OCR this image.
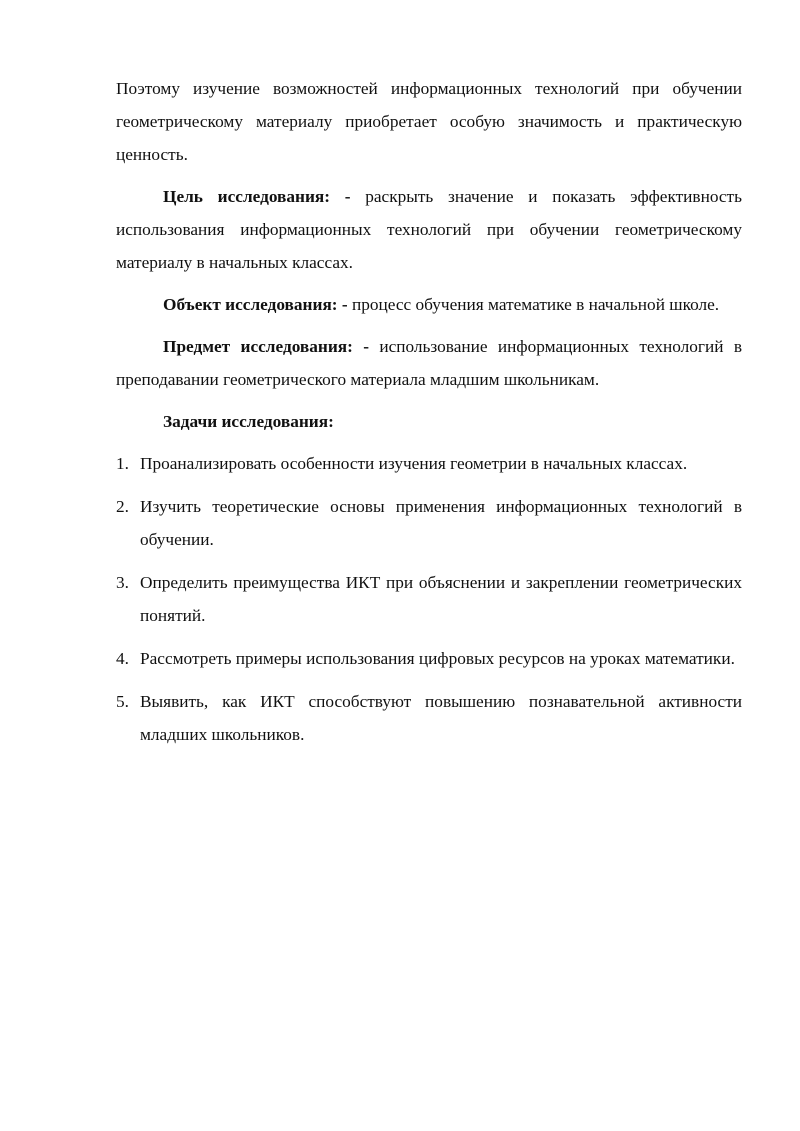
Поэтому изучение возможностей информационных технологий при обучении геометрическому материалу приобретает особую значимость и практическую ценность.

Цель исследования: - раскрыть значение и показать эффективность использования информационных технологий при обучении геометрическому материалу в начальных классах.

Объект исследования: - процесс обучения математике в начальной школе.

Предмет исследования: - использование информационных технологий в преподавании геометрического материала младшим школьникам.

Задачи исследования:

1. Проанализировать особенности изучения геометрии в начальных классах.
2. Изучить теоретические основы применения информационных технологий в обучении.
3. Определить преимущества ИКТ при объяснении и закреплении геометрических понятий.
4. Рассмотреть примеры использования цифровых ресурсов на уроках математики.
5. Выявить, как ИКТ способствуют повышению познавательной активности младших школьников.
